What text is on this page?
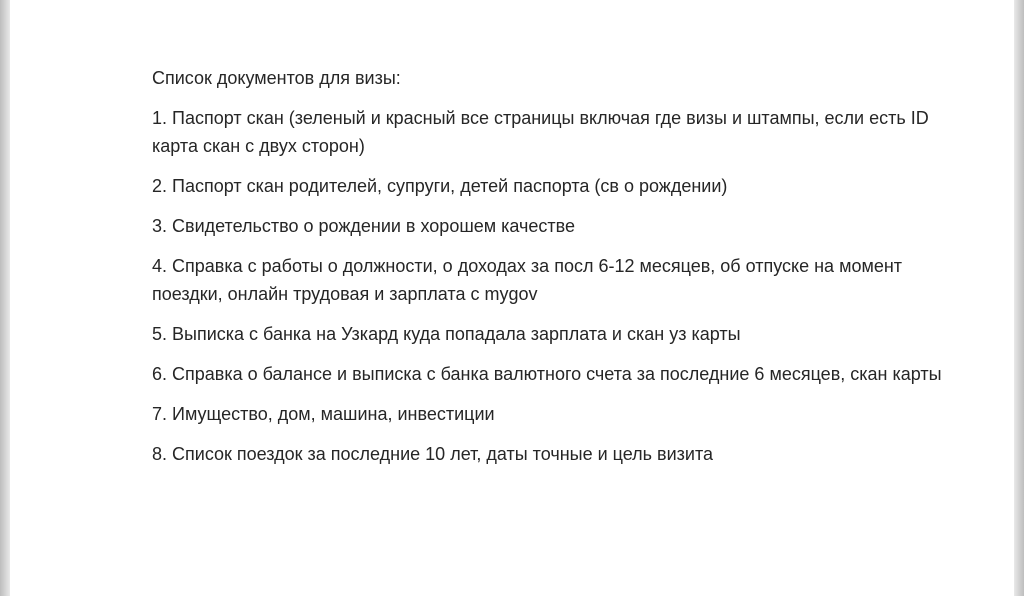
Список документов для визы:
1. Паспорт скан (зеленый и красный все страницы включая где визы и штампы, если есть ID карта скан с двух сторон)
2. Паспорт скан родителей, супруги, детей паспорта (св о рождении)
3. Свидетельство о рождении в хорошем качестве
4. Справка с работы о должности, о доходах за посл 6-12 месяцев, об отпуске на момент поездки, онлайн трудовая и зарплата с mygov
5. Выписка с банка на Узкард куда попадала зарплата и скан уз карты
6. Справка о балансе и выписка с банка валютного счета за последние 6 месяцев, скан карты
7. Имущество, дом, машина, инвестиции
8. Список поездок за последние 10 лет, даты точные и цель визита
